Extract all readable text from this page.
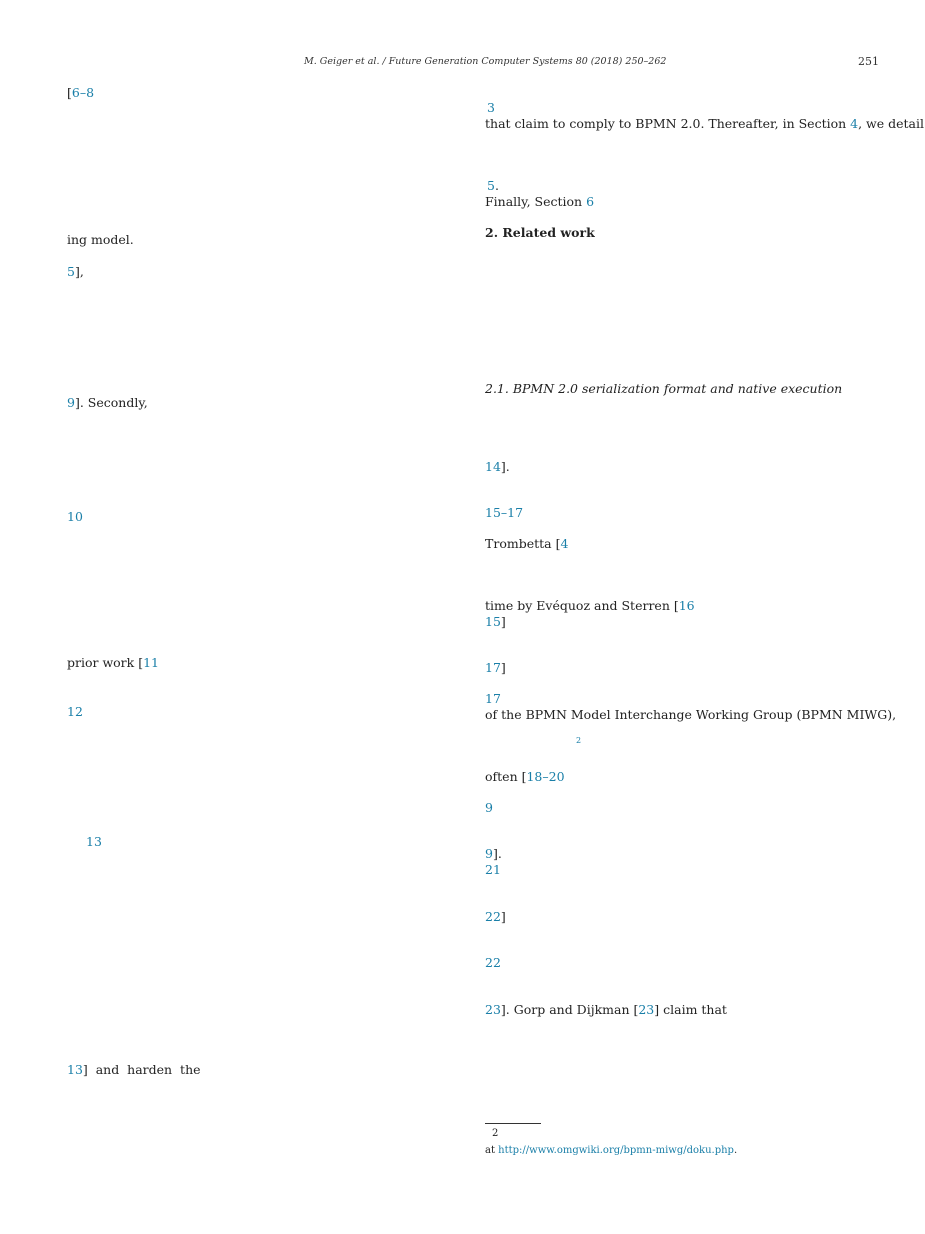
M. Geiger et al. / Future Generation Computer Systems 80 (2018) 250–262	251
[6–8
ing model.
5],
9]. Secondly,
10
prior work [11
12
13
13]  and  harden  the
3
that claim to comply to BPMN 2.0. Thereafter, in Section 4, we detail
5.
Finally, Section 6
2. Related work
2.1. BPMN 2.0 serialization format and native execution
14].
15–17
Trombetta [4
time by Evéquoz and Sterren [16
15]
17]
17
of the BPMN Model Interchange Working Group (BPMN MIWG),
2
often [18–20
9
9].
21
22]
22
23]. Gorp and Dijkman [23] claim that
2
at http://www.omgwiki.org/bpmn-miwg/doku.php.
